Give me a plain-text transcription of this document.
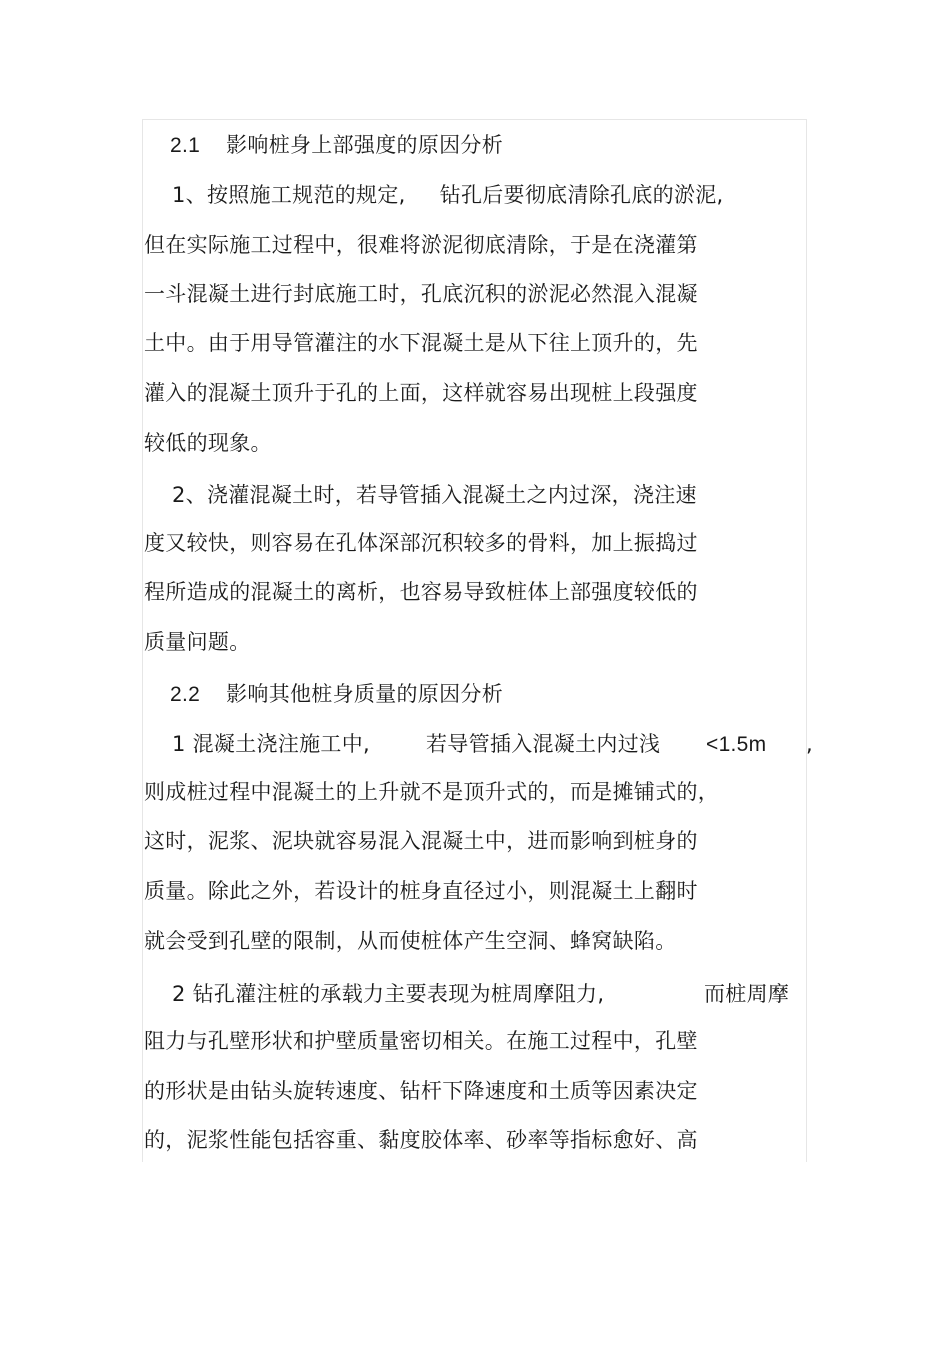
2.1 影响桩身上部强度的原因分析
1、按照施工规范的规定, 钻孔后要彻底清除孔底的淤泥,
但在实际施工过程中，很难将淤泥彻底清除，于是在浇灌第
一斗混凝土进行封底施工时，孔底沉积的淤泥必然混入混凝
土中。由于用导管灌注的水下混凝土是从下往上顶升的，先
灌入的混凝土顶升于孔的上面，这样就容易出现桩上段强度
较低的现象。
2、浇灌混凝土时，若导管插入混凝土之内过深，浇注速
度又较快，则容易在孔体深部沉积较多的骨料，加上振捣过
程所造成的混凝土的离析，也容易导致桩体上部强度较低的
质量问题。
2.2 影响其他桩身质量的原因分析
1 混凝土浇注施工中,	若导管插入混凝土内过浅 <1.5m ,
则成桩过程中混凝土的上升就不是顶升式的，而是摊铺式的，
这时，泥浆、泥块就容易混入混凝土中，进而影响到桩身的
质量。除此之外，若设计的桩身直径过小，则混凝土上翻时
就会受到孔壁的限制，从而使桩体产生空洞、蜂窝缺陷。
2 钻孔灌注桩的承载力主要表现为桩周摩阻力,	而桩周摩
阻力与孔壁形状和护壁质量密切相关。在施工过程中，孔壁
的形状是由钻头旋转速度、钻杆下降速度和土质等因素决定
的，泥浆性能包括容重、黏度胶体率、砂率等指标愈好、高
